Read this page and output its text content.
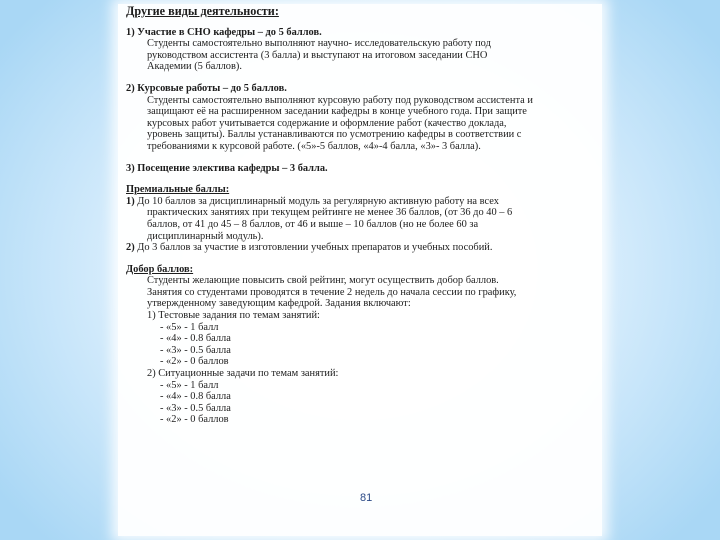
Другие виды деятельности:

1) Участие в СНО кафедры – до 5 баллов.

Студенты самостоятельно выполняют научно- исследовательскую работу под

руководством ассистента (3 балла) и выступают на итоговом заседании СНО

Академии (5 баллов).

2) Курсовые работы – до 5 баллов.

Студенты самостоятельно выполняют курсовую работу под руководством ассистента и

защищают её на расширенном заседании кафедры в конце учебного года. При защите

курсовых работ учитывается содержание и оформление работ (качество доклада,

уровень защиты). Баллы устанавливаются по усмотрению кафедры в соответствии с

требованиями к курсовой работе. («5»-5 баллов, «4»-4 балла, «3»- 3 балла).

3) Посещение электива кафедры – 3 балла.

Премиальные баллы:

1) До 10 баллов за дисциплинарный модуль за регулярную активную работу на всех

практических занятиях при текущем рейтинге не менее 36 баллов, (от 36 до 40 – 6

баллов, от 41 до 45 – 8 баллов, от 46 и выше – 10 баллов (но не более 60 за

дисциплинарный модуль).

2) До 3 баллов за участие в изготовлении учебных препаратов и учебных пособий.

Добор баллов:

Студенты желающие повысить свой рейтинг, могут осуществить добор баллов.

Занятия со студентами проводятся в течение 2 недель до начала сессии по графику,

утвержденному заведующим кафедрой. Задания включают:

1) Тестовые задания по темам занятий:

- «5» - 1 балл

- «4» - 0.8 балла

- «3» - 0.5 балла

- «2» - 0 баллов

2) Ситуационные задачи по темам занятий:

- «5» - 1 балл

- «4» - 0.8 балла

- «3» - 0.5 балла

- «2» - 0 баллов

81
